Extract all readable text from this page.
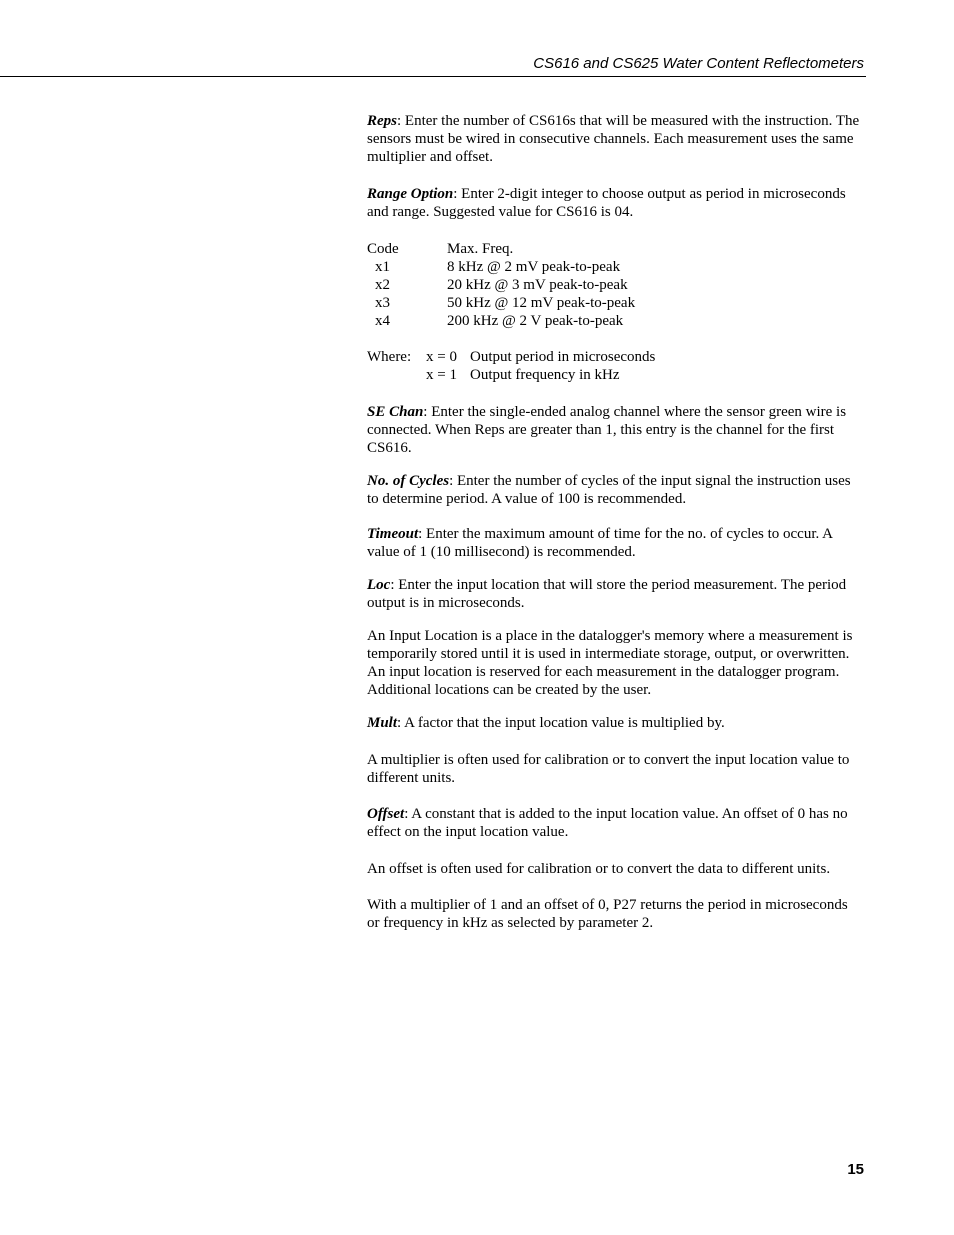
CS616 and CS625 Water Content Reflectometers

Reps: Enter the number of CS616s that will be measured with the instruction. The sensors must be wired in consecutive channels. Each measurement uses the same multiplier and offset.

Range Option: Enter 2-digit integer to choose output as period in microseconds and range. Suggested value for CS616 is 04.

Code	Max. Freq.
x1	8 kHz @ 2 mV peak-to-peak
x2	20 kHz @ 3 mV peak-to-peak
x3	50 kHz @ 12 mV peak-to-peak
x4	200 kHz @ 2 V peak-to-peak
Where: x = 0 Output period in microseconds
x = 1 Output frequency in kHz

SE Chan: Enter the single-ended analog channel where the sensor green wire is connected. When Reps are greater than 1, this entry is the channel for the first CS616.

No. of Cycles: Enter the number of cycles of the input signal the instruction uses to determine period. A value of 100 is recommended.

Timeout: Enter the maximum amount of time for the no. of cycles to occur. A value of 1 (10 millisecond) is recommended.

Loc: Enter the input location that will store the period measurement. The period output is in microseconds.

An Input Location is a place in the datalogger's memory where a measurement is temporarily stored until it is used in intermediate storage, output, or overwritten. An input location is reserved for each measurement in the datalogger program. Additional locations can be created by the user.

Mult: A factor that the input location value is multiplied by.

A multiplier is often used for calibration or to convert the input location value to different units.

Offset: A constant that is added to the input location value. An offset of 0 has no effect on the input location value.

An offset is often used for calibration or to convert the data to different units.

With a multiplier of 1 and an offset of 0, P27 returns the period in microseconds or frequency in kHz as selected by parameter 2.

15
